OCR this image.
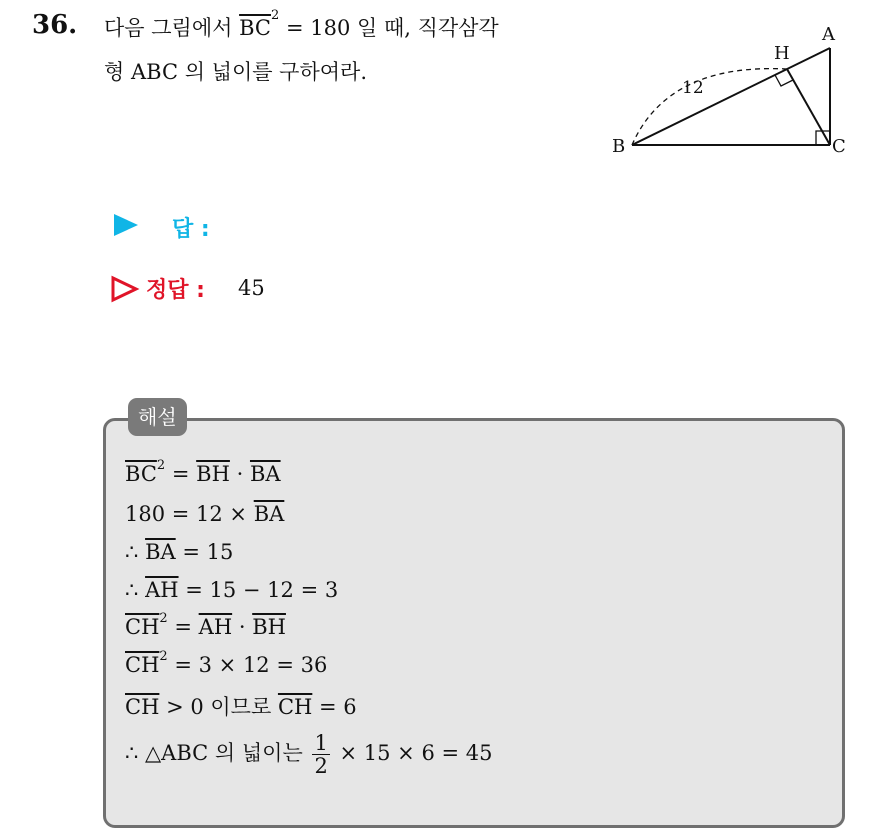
36. 다음 그림에서 $\overline{BC}^2 = 180$ 일 때, 직각삼각
형 ABC 의 넓이를 구하여라.
A
H
B	C
12
답 :
정답 : 45
해설
$\overline{BC}^2 = \overline{BH} \cdot \overline{BA}$
$180 = 12 \times \overline{BA}$
∴ $\overline{BA} = 15$
∴ $\overline{AH} = 15 - 12 = 3$
$\overline{CH}^2 = \overline{AH} \cdot \overline{BH}$
$\overline{CH}^2 = 3 \times 12 = 36$
$\overline{CH} > 0$ 이므로 $\overline{CH} = 6$
∴ △ABC 의 넓이는 $\frac{1}{2} \times 15 \times 6 = 45$
